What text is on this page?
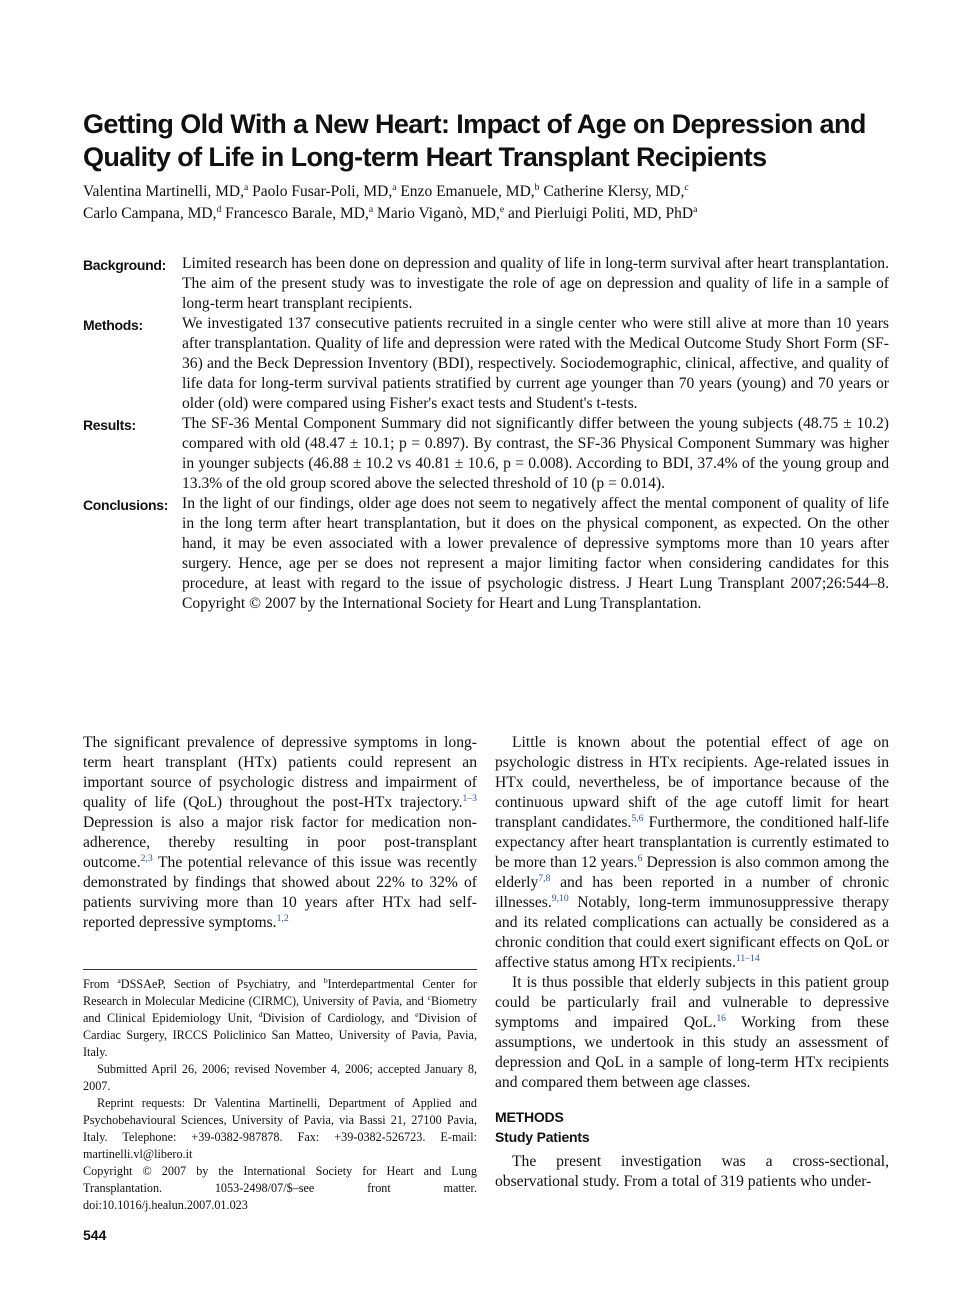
Getting Old With a New Heart: Impact of Age on Depression and Quality of Life in Long-term Heart Transplant Recipients
Valentina Martinelli, MD,$^a$ Paolo Fusar-Poli, MD,$^a$ Enzo Emanuele, MD,$^b$ Catherine Klersy, MD,$^c$
Carlo Campana, MD,$^d$ Francesco Barale, MD,$^a$ Mario Viganò, MD,$^e$ and Pierluigi Politi, MD, PhD$^a$
Background:	Limited research has been done on depression and quality of life in long-term survival after heart transplantation. The aim of the present study was to investigate the role of age on depression and quality of life in a sample of long-term heart transplant recipients.
Methods:	We investigated 137 consecutive patients recruited in a single center who were still alive at more than 10 years after transplantation. Quality of life and depression were rated with the Medical Outcome Study Short Form (SF-36) and the Beck Depression Inventory (BDI), respectively. Sociodemographic, clinical, affective, and quality of life data for long-term survival patients stratified by current age younger than 70 years (young) and 70 years or older (old) were compared using Fisher's exact tests and Student's t-tests.
Results:	The SF-36 Mental Component Summary did not significantly differ between the young subjects (48.75 ± 10.2) compared with old (48.47 ± 10.1; p = 0.897). By contrast, the SF-36 Physical Component Summary was higher in younger subjects (46.88 ± 10.2 vs 40.81 ± 10.6, p = 0.008). According to BDI, 37.4% of the young group and 13.3% of the old group scored above the selected threshold of 10 (p = 0.014).
Conclusions: In the light of our findings, older age does not seem to negatively affect the mental component of quality of life in the long term after heart transplantation, but it does on the physical component, as expected. On the other hand, it may be even associated with a lower prevalence of depressive symptoms more than 10 years after surgery. Hence, age per se does not represent a major limiting factor when considering candidates for this procedure, at least with regard to the issue of psychologic distress. J Heart Lung Transplant 2007;26:544–8. Copyright © 2007 by the International Society for Heart and Lung Transplantation.

The significant prevalence of depressive symptoms in long-term heart transplant (HTx) patients could represent an important source of psychologic distress and impairment of quality of life (QoL) throughout the post-HTx trajectory.$^{1-3}$ Depression is also a major risk factor for medication non-adherence, thereby resulting in poor post-transplant outcome.$^{2,3}$ The potential relevance of this issue was recently demonstrated by findings that showed about 22% to 32% of patients surviving more than 10 years after HTx had self-reported depressive symptoms.$^{1,2}$

From $^a$DSSAeP, Section of Psychiatry, and $^b$Interdepartmental Center for Research in Molecular Medicine (CIRMC), University of Pavia, and $^c$Biometry and Clinical Epidemiology Unit, $^d$Division of Cardiology, and $^e$Division of Cardiac Surgery, IRCCS Policlinico San Matteo, University of Pavia, Pavia, Italy.

Submitted April 26, 2006; revised November 4, 2006; accepted January 8, 2007.

Reprint requests: Dr Valentina Martinelli, Department of Applied and Psychobehavioural Sciences, University of Pavia, via Bassi 21, 27100 Pavia, Italy. Telephone: +39-0382-987878. Fax: +39-0382-526723. E-mail: martinelli.vl@libero.it

Copyright © 2007 by the International Society for Heart and Lung Transplantation. 1053-2498/07/$–see front matter. doi:10.1016/j.healun.2007.01.023

Little is known about the potential effect of age on psychologic distress in HTx recipients. Age-related issues in HTx could, nevertheless, be of importance because of the continuous upward shift of the age cutoff limit for heart transplant candidates.$^{5,6}$ Furthermore, the conditioned half-life expectancy after heart transplantation is currently estimated to be more than 12 years.$^6$ Depression is also common among the elderly$^{7,8}$ and has been reported in a number of chronic illnesses.$^{9,10}$ Notably, long-term immunosuppressive therapy and its related complications can actually be considered as a chronic condition that could exert significant effects on QoL or affective status among HTx recipients.$^{11-14}$

It is thus possible that elderly subjects in this patient group could be particularly frail and vulnerable to depressive symptoms and impaired QoL.$^{16}$ Working from these assumptions, we undertook in this study an assessment of depression and QoL in a sample of long-term HTx recipients and compared them between age classes.

METHODS
Study Patients

The present investigation was a cross-sectional, observational study. From a total of 319 patients who under-

544
